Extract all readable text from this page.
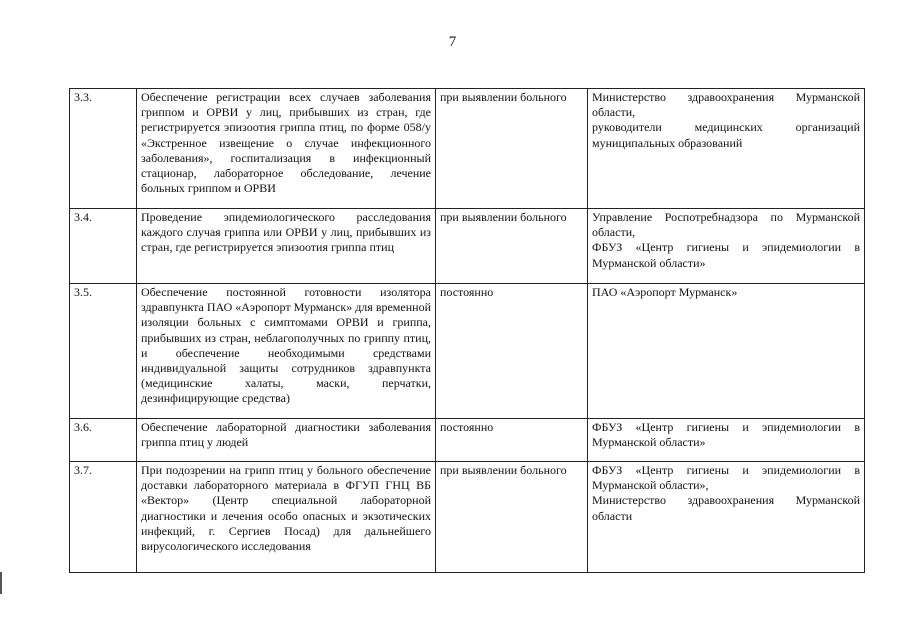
7
3.3.	Обеспечение регистрации всех случаев заболевания гриппом и ОРВИ у лиц, прибывших из стран, где регистрируется эпизоотия гриппа птиц, по форме 058/у «Экстренное извещение о случае инфекционного заболевания», госпитализация в инфекционный стационар, лабораторное обследование, лечение больных гриппом и ОРВИ	при выявлении больного	Министерство здравоохранения Мурманской области,
руководители медицинских организаций муниципальных образований

3.4.	Проведение эпидемиологического расследования каждого случая гриппа или ОРВИ у лиц, прибывших из стран, где регистрируется эпизоотия гриппа птиц	при выявлении больного	Управление Роспотребнадзора по Мурманской области,
ФБУЗ «Центр гигиены и эпидемиологии в Мурманской области»

3.5.	Обеспечение постоянной готовности изолятора здравпункта ПАО «Аэропорт Мурманск» для временной изоляции больных с симптомами ОРВИ и гриппа, прибывших из стран, неблагополучных по гриппу птиц, и обеспечение необходимыми средствами индивидуальной защиты сотрудников здравпункта (медицинские халаты, маски, перчатки, дезинфицирующие средства)	постоянно	ПАО «Аэропорт Мурманск»

3.6.	Обеспечение лабораторной диагностики заболевания гриппа птиц у людей	постоянно	ФБУЗ «Центр гигиены и эпидемиологии в Мурманской области»

3.7.	При подозрении на грипп птиц у больного обеспечение доставки лабораторного материала в ФГУП ГНЦ ВБ «Вектор» (Центр специальной лабораторной диагностики и лечения особо опасных и экзотических инфекций, г. Сергиев Посад) для дальнейшего вирусологического исследования	при выявлении больного	ФБУЗ «Центр гигиены и эпидемиологии в Мурманской области»,
Министерство здравоохранения Мурманской области
